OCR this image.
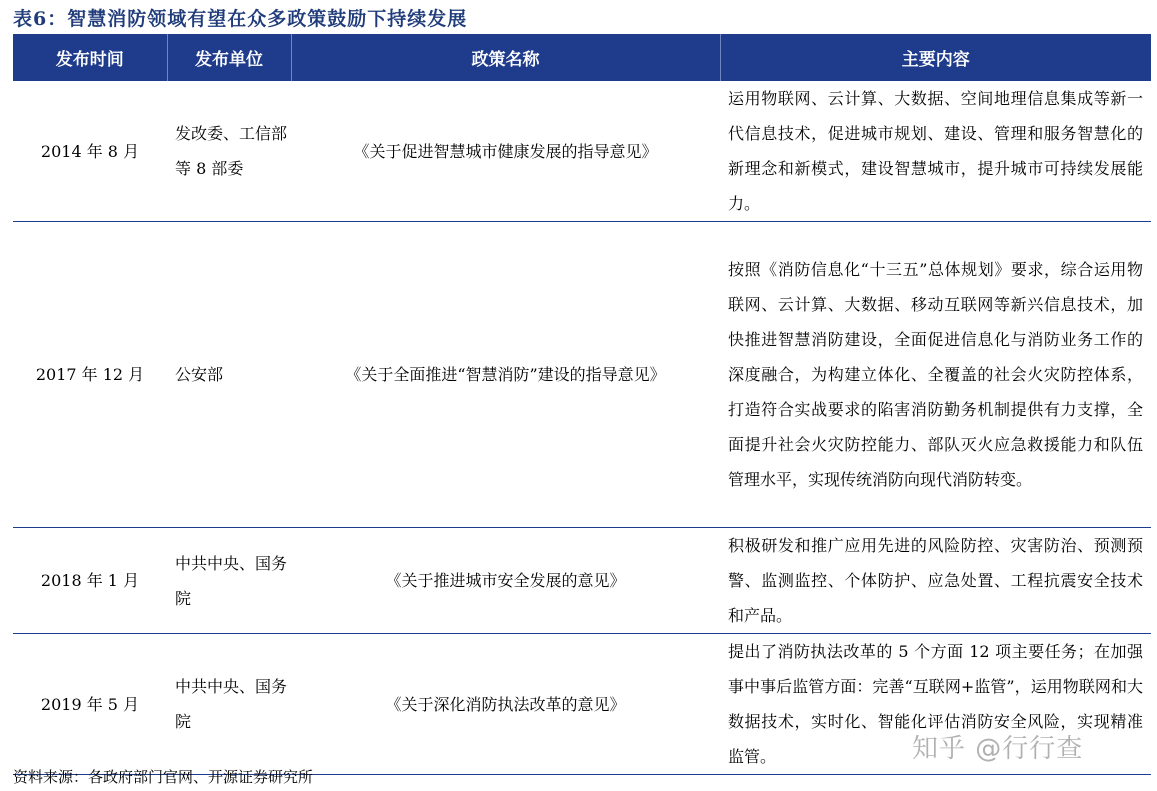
表6：智慧消防领域有望在众多政策鼓励下持续发展
发布时间	发布单位	政策名称	主要内容
2014 年 8 月	发改委、工信部等 8 部委	《关于促进智慧城市健康发展的指导意见》	运用物联网、云计算、大数据、空间地理信息集成等新一代信息技术，促进城市规划、建设、管理和服务智慧化的新理念和新模式，建设智慧城市，提升城市可持续发展能力。
2017 年 12 月	公安部	《关于全面推进“智慧消防”建设的指导意见》	按照《消防信息化“十三五”总体规划》要求，综合运用物联网、云计算、大数据、移动互联网等新兴信息技术，加快推进智慧消防建设，全面促进信息化与消防业务工作的深度融合，为构建立体化、全覆盖的社会火灾防控体系，打造符合实战要求的陷害消防勤务机制提供有力支撑，全面提升社会火灾防控能力、部队灭火应急救援能力和队伍管理水平，实现传统消防向现代消防转变。
2018 年 1 月	中共中央、国务院	《关于推进城市安全发展的意见》	积极研发和推广应用先进的风险防控、灾害防治、预测预警、监测监控、个体防护、应急处置、工程抗震安全技术和产品。
2019 年 5 月	中共中央、国务院	《关于深化消防执法改革的意见》	提出了消防执法改革的 5 个方面 12 项主要任务；在加强事中事后监管方面：完善“互联网+监管”，运用物联网和大数据技术，实时化、智能化评估消防安全风险，实现精准监管。
资料来源：各政府部门官网、开源证券研究所
知乎 @行行查
